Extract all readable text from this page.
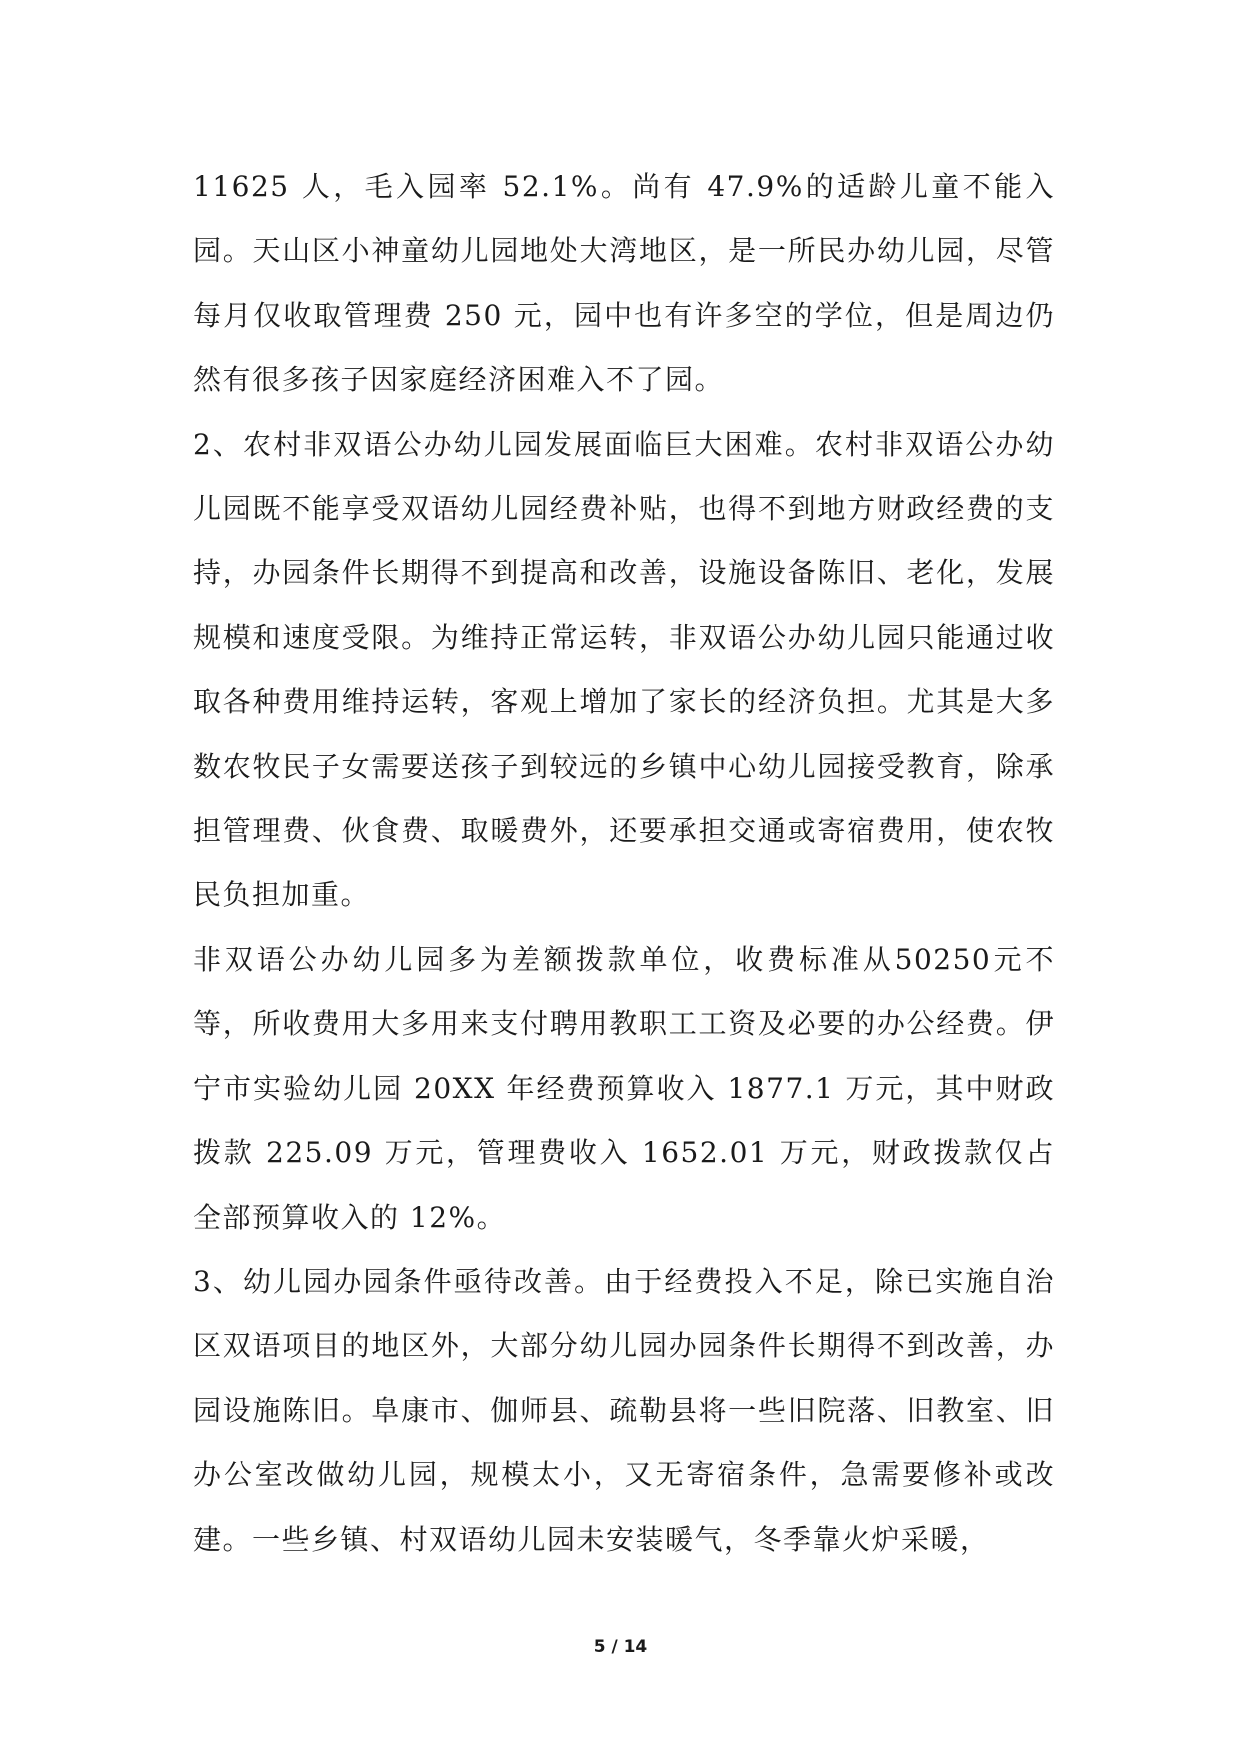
11625 人，毛入园率 52.1%。尚有 47.9%的适龄儿童不能入园。天山区小神童幼儿园地处大湾地区，是一所民办幼儿园，尽管每月仅收取管理费 250 元，园中也有许多空的学位，但是周边仍然有很多孩子因家庭经济困难入不了园。

2、农村非双语公办幼儿园发展面临巨大困难。农村非双语公办幼儿园既不能享受双语幼儿园经费补贴，也得不到地方财政经费的支持，办园条件长期得不到提高和改善，设施设备陈旧、老化，发展规模和速度受限。为维持正常运转，非双语公办幼儿园只能通过收取各种费用维持运转，客观上增加了家长的经济负担。尤其是大多数农牧民子女需要送孩子到较远的乡镇中心幼儿园接受教育，除承担管理费、伙食费、取暖费外，还要承担交通或寄宿费用，使农牧民负担加重。

非双语公办幼儿园多为差额拨款单位，收费标准从50250元不等，所收费用大多用来支付聘用教职工工资及必要的办公经费。伊宁市实验幼儿园 20XX 年经费预算收入 1877.1 万元，其中财政拨款 225.09 万元，管理费收入 1652.01 万元，财政拨款仅占全部预算收入的 12%。

3、幼儿园办园条件亟待改善。由于经费投入不足，除已实施自治区双语项目的地区外，大部分幼儿园办园条件长期得不到改善，办园设施陈旧。阜康市、伽师县、疏勒县将一些旧院落、旧教室、旧办公室改做幼儿园，规模太小，又无寄宿条件，急需要修补或改建。一些乡镇、村双语幼儿园未安装暖气，冬季靠火炉采暖，

5 / 14
